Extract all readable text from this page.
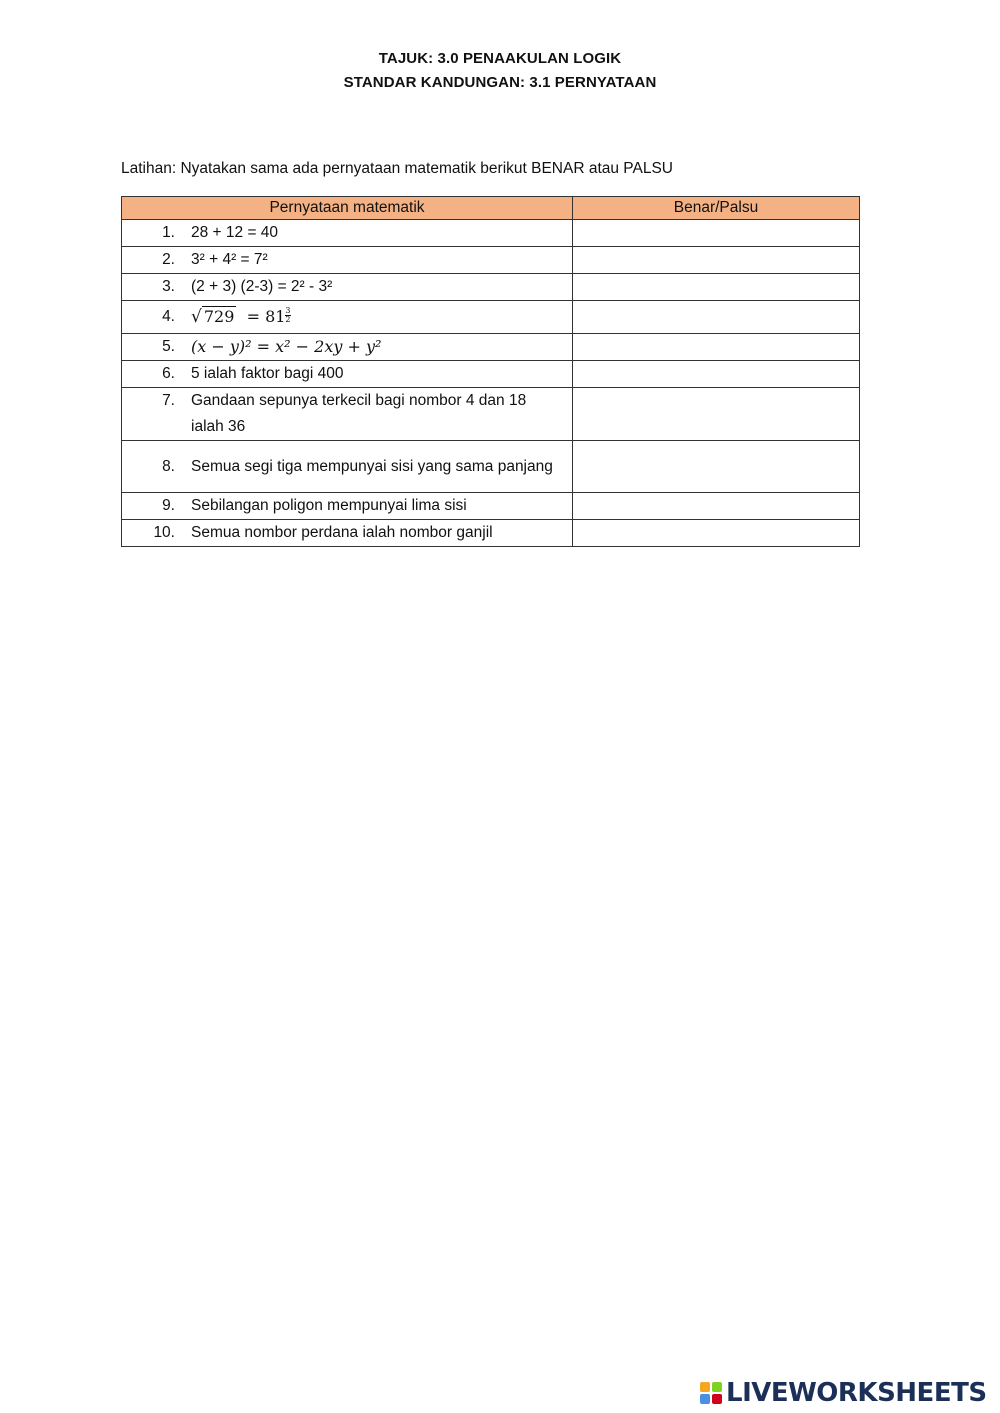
TAJUK: 3.0 PENAAKULAN LOGIK
STANDAR KANDUNGAN: 3.1 PERNYATAAN
Latihan: Nyatakan sama ada pernyataan matematik berikut BENAR atau PALSU
Pernyataan matematik	Benar/Palsu

1. 28 + 12 = 40	

2. 3² + 4² = 7²	

3. (2 + 3) (2-3) = 2² - 3²	

4. √ $729 = 81 \frac{3}{2}$

5. (x − y)² = x² − 2xy + y²	

6. 5 ialah faktor bagi 400	

7. Gandaan sepunya terkecil bagi nombor 4 dan 18 ialah 36	

8. Semua segi tiga mempunyai sisi yang sama panjang	

9. Sebilangan poligon mempunyai lima sisi	

10. Semua nombor perdana ialah nombor ganjil	

LIVEWORKSHEETS
